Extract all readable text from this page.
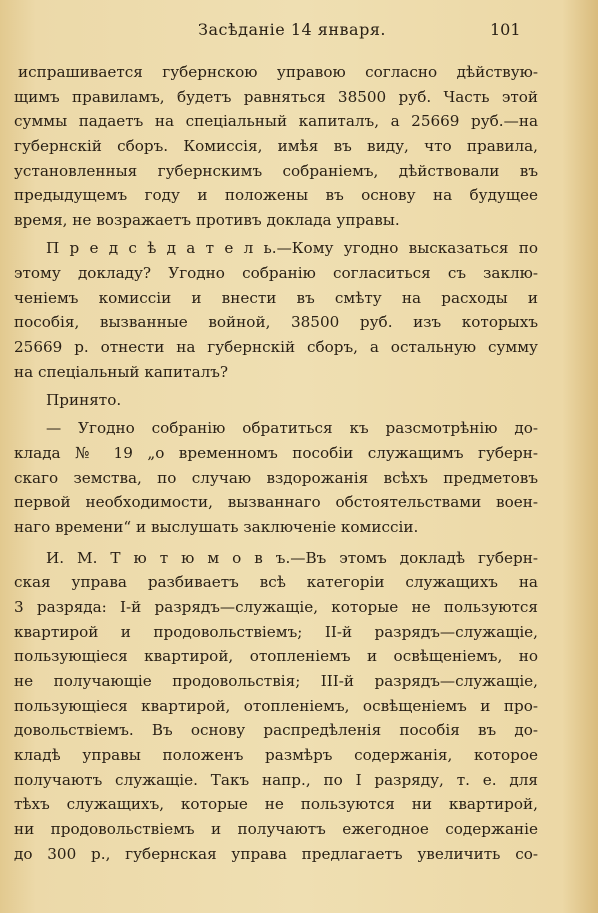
Засѣданіе 14 января.	101
испрашивается губернскою управою согласно дѣйствую-
щимъ правиламъ, будетъ равняться 38500 руб. Часть этой
суммы падаетъ на спеціальный капиталъ, а 25669 руб.—на
губернскій сборъ. Комиссія, имѣя въ виду, что правила,
установленныя губернскимъ собраніемъ, дѣйствовали въ
предыдущемъ году и положены въ основу на будущее
время, не возражаетъ противъ доклада управы.
П р е д с ѣ д а т е л ь.—Кому угодно высказаться по
этому докладу? Угодно собранію согласиться съ заклю-
ченіемъ комиссіи и внести въ смѣту на расходы и
пособія, вызванные войной, 38500 руб. изъ которыхъ
25669 р. отнести на губернскій сборъ, а остальную сумму
на спеціальный капиталъ?
Принято.
— Угодно собранію обратиться къ разсмотрѣнію до-
клада № 19 „о временномъ пособіи служащимъ губерн-
скаго земства, по случаю вздорожанія всѣхъ предметовъ
первой необходимости, вызваннаго обстоятельствами воен-
наго времени“ и выслушать заключеніе комиссіи.
И. М. Т ю т ю м о в ъ.—Въ этомъ докладѣ губерн-
ская управа разбиваетъ всѣ категоріи служащихъ на
3 разряда: І-й разрядъ—служащіе, которые не пользуются
квартирой и продовольствіемъ; ІІ-й разрядъ—служащіе,
пользующіеся квартирой, отопленіемъ и освѣщеніемъ, но
не получающіе продовольствія; ІІІ-й разрядъ—служащіе,
пользующіеся квартирой, отопленіемъ, освѣщеніемъ и про-
довольствіемъ. Въ основу распредѣленія пособія въ до-
кладѣ управы положенъ размѣръ содержанія, которое
получаютъ служащіе. Такъ напр., по І разряду, т. е. для
тѣхъ служащихъ, которые не пользуются ни квартирой,
ни продовольствіемъ и получаютъ ежегодное содержаніе
до 300 р., губернская управа предлагаетъ увеличить со-
